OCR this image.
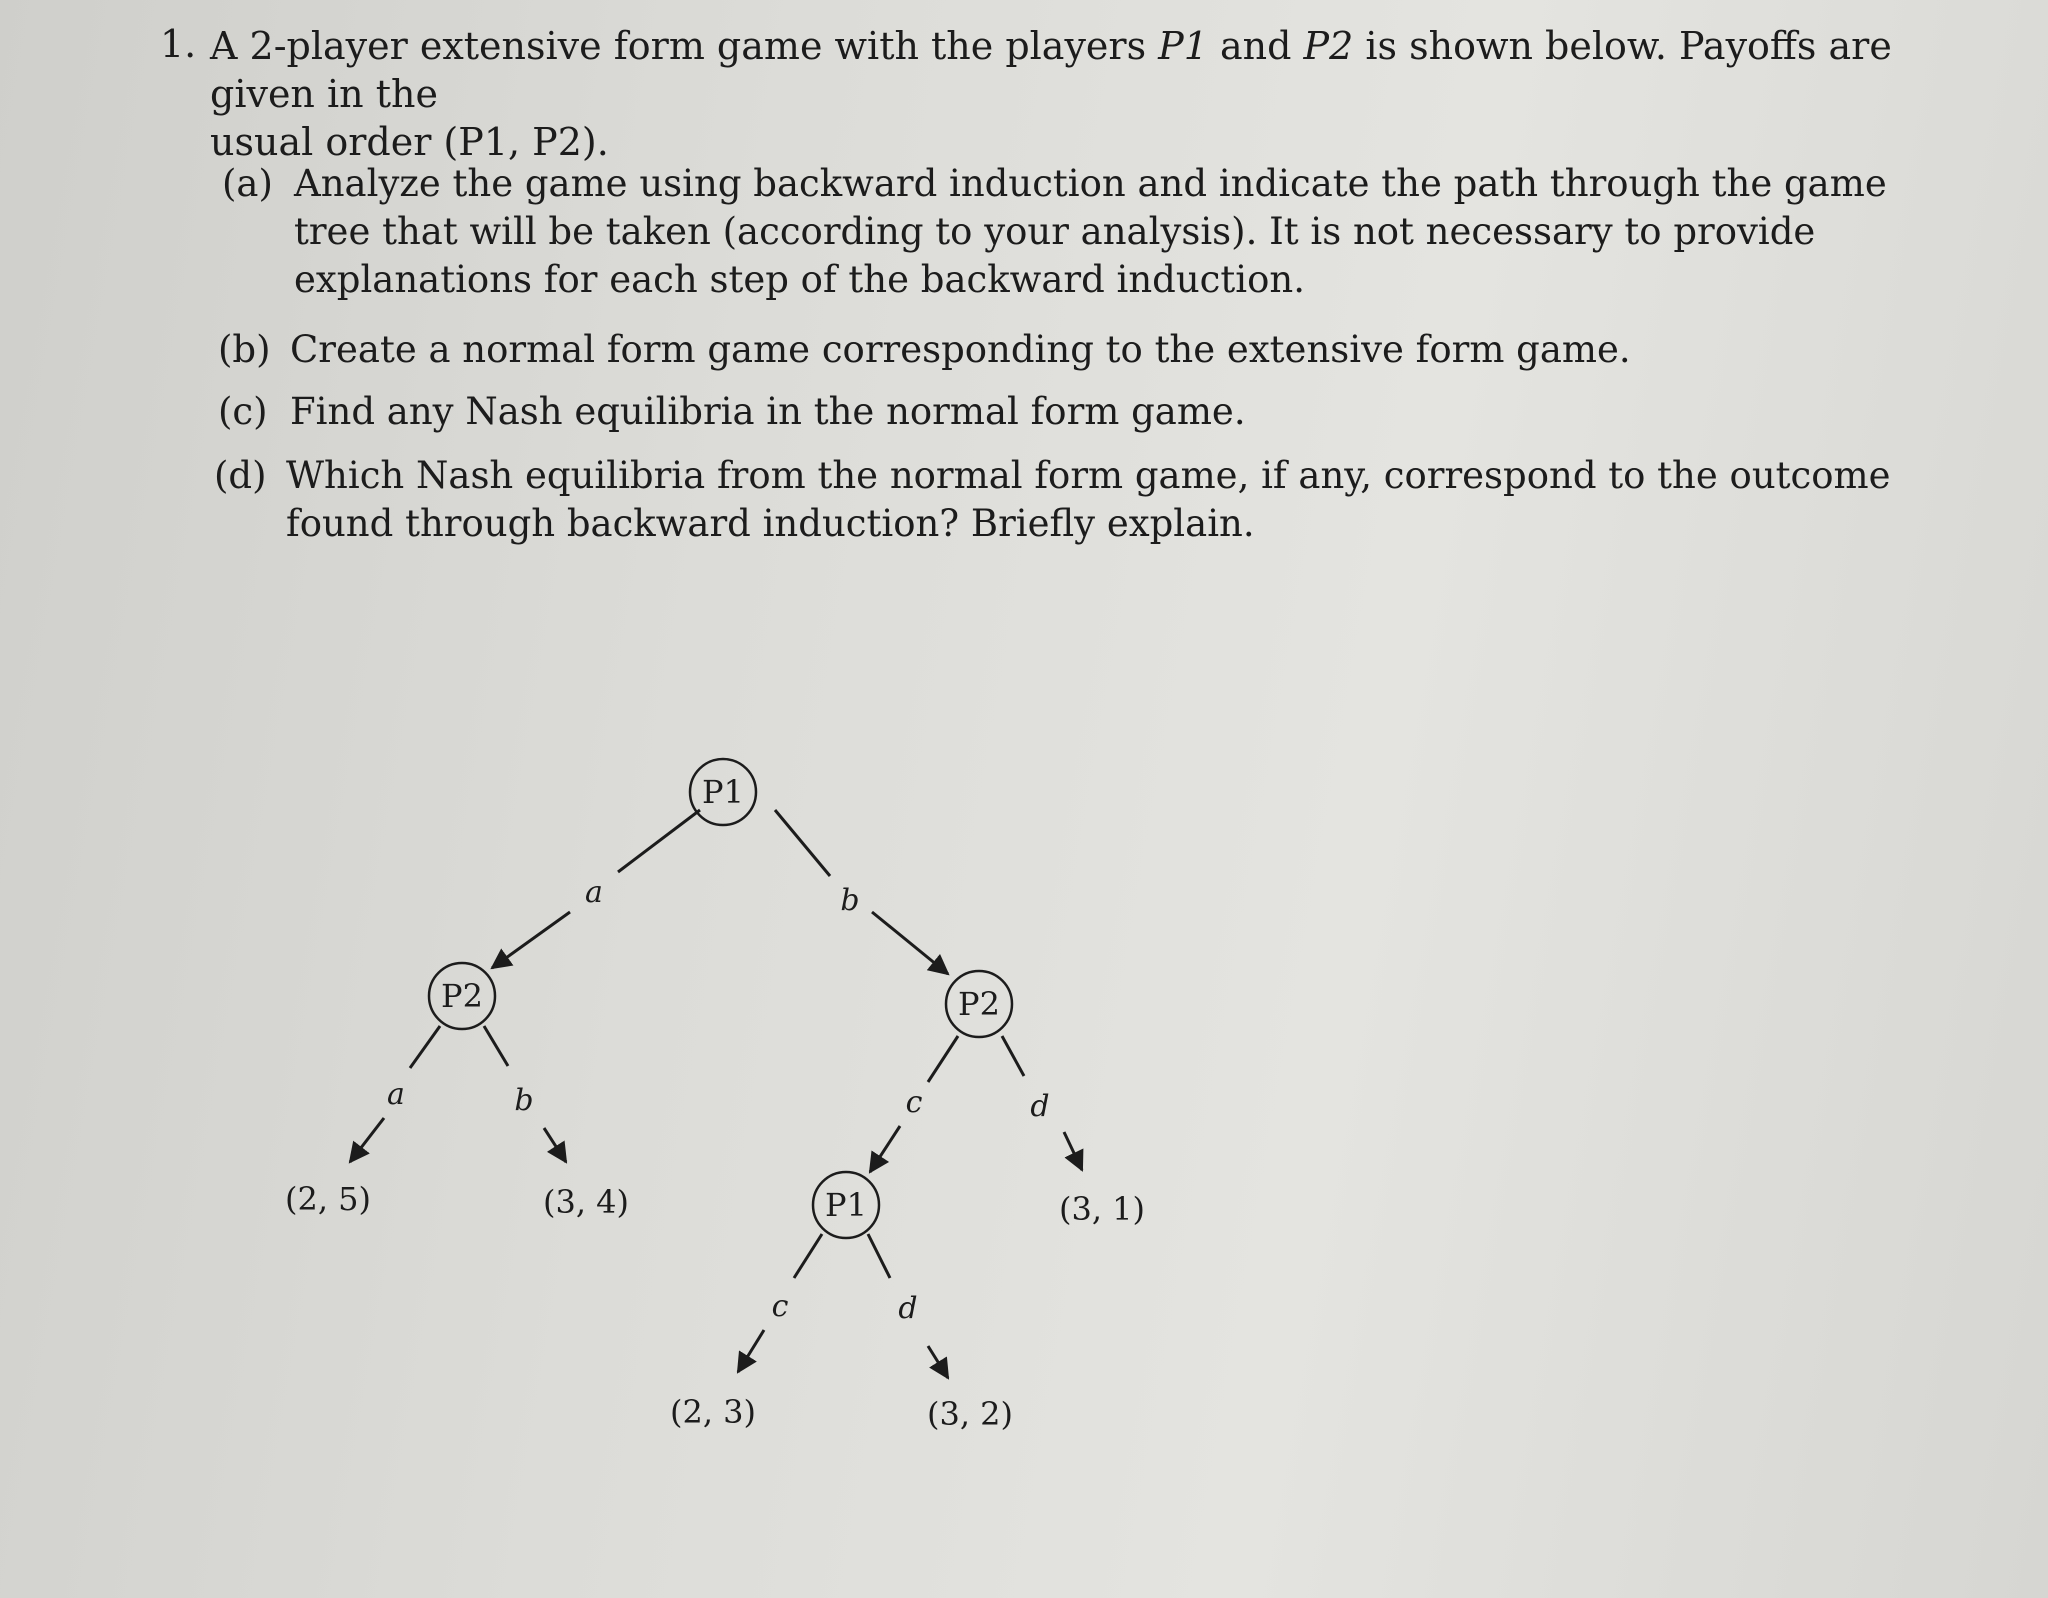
1. A 2-player extensive form game with the players P1 and P2 is shown below. Payoffs are given in the
usual order (P1, P2).
(a) Analyze the game using backward induction and indicate the path through the game tree that will be taken (according to your analysis). It is not necessary to provide explanations for each step of the backward induction.
(b) Create a normal form game corresponding to the extensive form game.
(c) Find any Nash equilibria in the normal form game.
(d) Which Nash equilibria from the normal form game, if any, correspond to the outcome found through backward induction? Briefly explain.
P1
P2	P2
P1
a	b
a	b	c	d
c	d
(2, 5)	(3, 4)	(3, 1)
(2, 3)	(3, 2)
